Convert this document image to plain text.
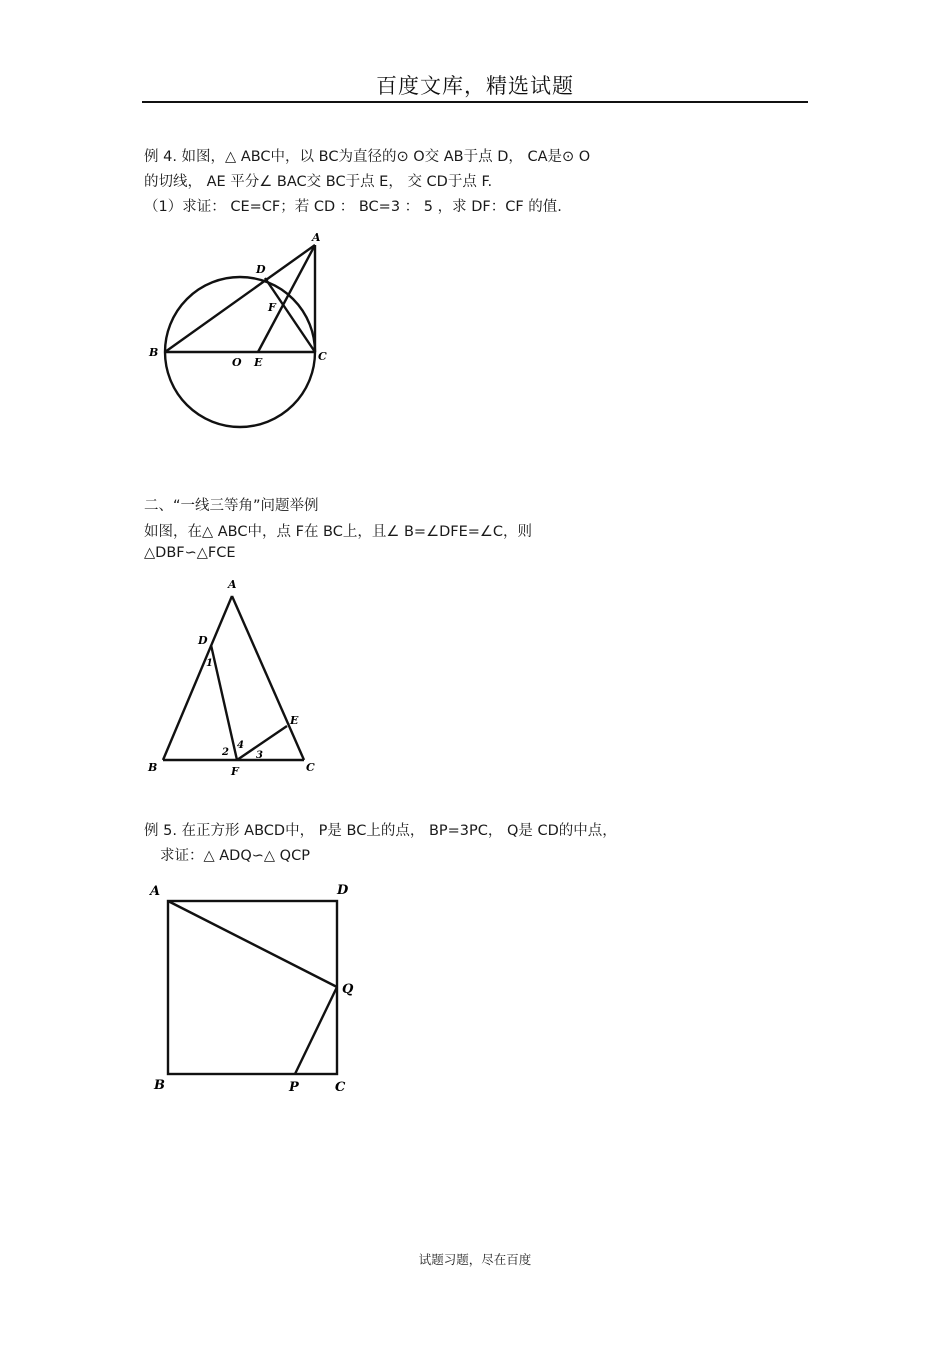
百度文库，精选试题
例 4. 如图，△ ABC中，以 BC为直径的⊙ O交 AB于点 D， CA是⊙ O
的切线， AE 平分∠ BAC交 BC于点 E， 交 CD于点 F.
（1）求证： CE=CF；若 CD ： BC=3 ： 5 ，求 DF：CF 的值.
A
B	C
D
E
F
O
二、“一线三等角”问题举例
如图，在△ ABC中，点 F在 BC上，且∠ B=∠DFE=∠C，则
△DBF∽△FCE
A
B	C
D
E
F
1
2	3
4
例 5. 在正方形 ABCD中， P是 BC上的点， BP=3PC， Q是 CD的中点，
求证：△ ADQ∽△ QCP
A	D
B	P	C
Q
试题习题，尽在百度
